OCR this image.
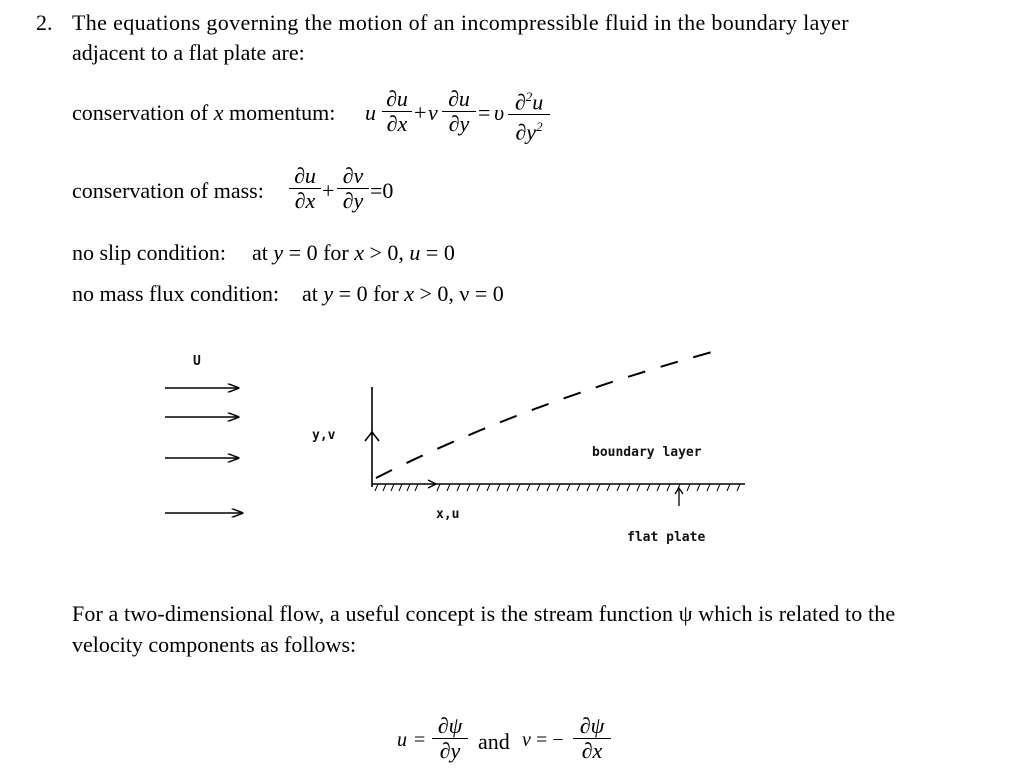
2. The equations governing the motion of an incompressible fluid in the boundary layer
adjacent to a flat plate are:
conservation of x momentum: u
∂u
∂x + ν
∂u
∂y = υ ∂$^2$u
$\partial y^2$
conservation of mass:
∂u
∂x +
∂ν
∂y =0
no slip condition: at y = 0 for x > 0, u = 0
no mass flux condition: at y = 0 for x > 0, ν = 0
U
y,v
x,u
boundary layer
flat plate
For a two-dimensional flow, a useful concept is the stream function ψ which is related to the
velocity components as follows:
u =
∂ψ
∂y and ν = −
∂ψ
∂x
